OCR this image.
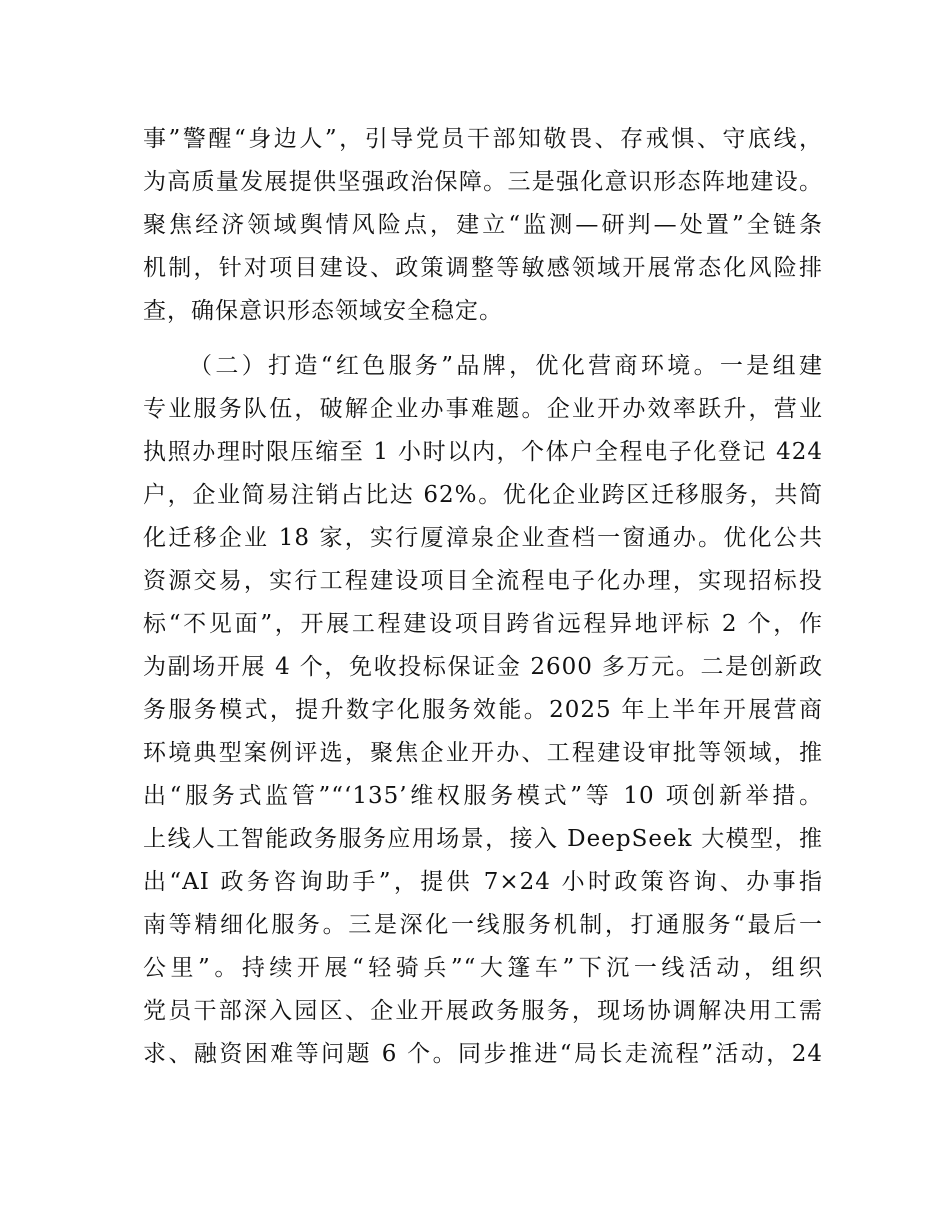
事”警醒“身边人”，引导党员干部知敬畏、存戒惧、守底线，
为高质量发展提供坚强政治保障。三是强化意识形态阵地建设。
聚焦经济领域舆情风险点，建立“监测—研判—处置”全链条
机制，针对项目建设、政策调整等敏感领域开展常态化风险排
查，确保意识形态领域安全稳定。
（二）打造“红色服务”品牌，优化营商环境。一是组建
专业服务队伍，破解企业办事难题。企业开办效率跃升，营业
执照办理时限压缩至 1 小时以内，个体户全程电子化登记 424
户，企业简易注销占比达 62%。优化企业跨区迁移服务，共简
化迁移企业 18 家，实行厦漳泉企业查档一窗通办。优化公共
资源交易，实行工程建设项目全流程电子化办理，实现招标投
标“不见面”，开展工程建设项目跨省远程异地评标 2 个，作
为副场开展 4 个，免收投标保证金 2600 多万元。二是创新政
务服务模式，提升数字化服务效能。2025 年上半年开展营商
环境典型案例评选，聚焦企业开办、工程建设审批等领域，推
出“服务式监管”“‘135’维权服务模式”等 10 项创新举措。
上线人工智能政务服务应用场景，接入 DeepSeek 大模型，推
出“AI 政务咨询助手”，提供 7×24 小时政策咨询、办事指
南等精细化服务。三是深化一线服务机制，打通服务“最后一
公里”。持续开展“轻骑兵”“大篷车”下沉一线活动，组织
党员干部深入园区、企业开展政务服务，现场协调解决用工需
求、融资困难等问题 6 个。同步推进“局长走流程”活动，24
